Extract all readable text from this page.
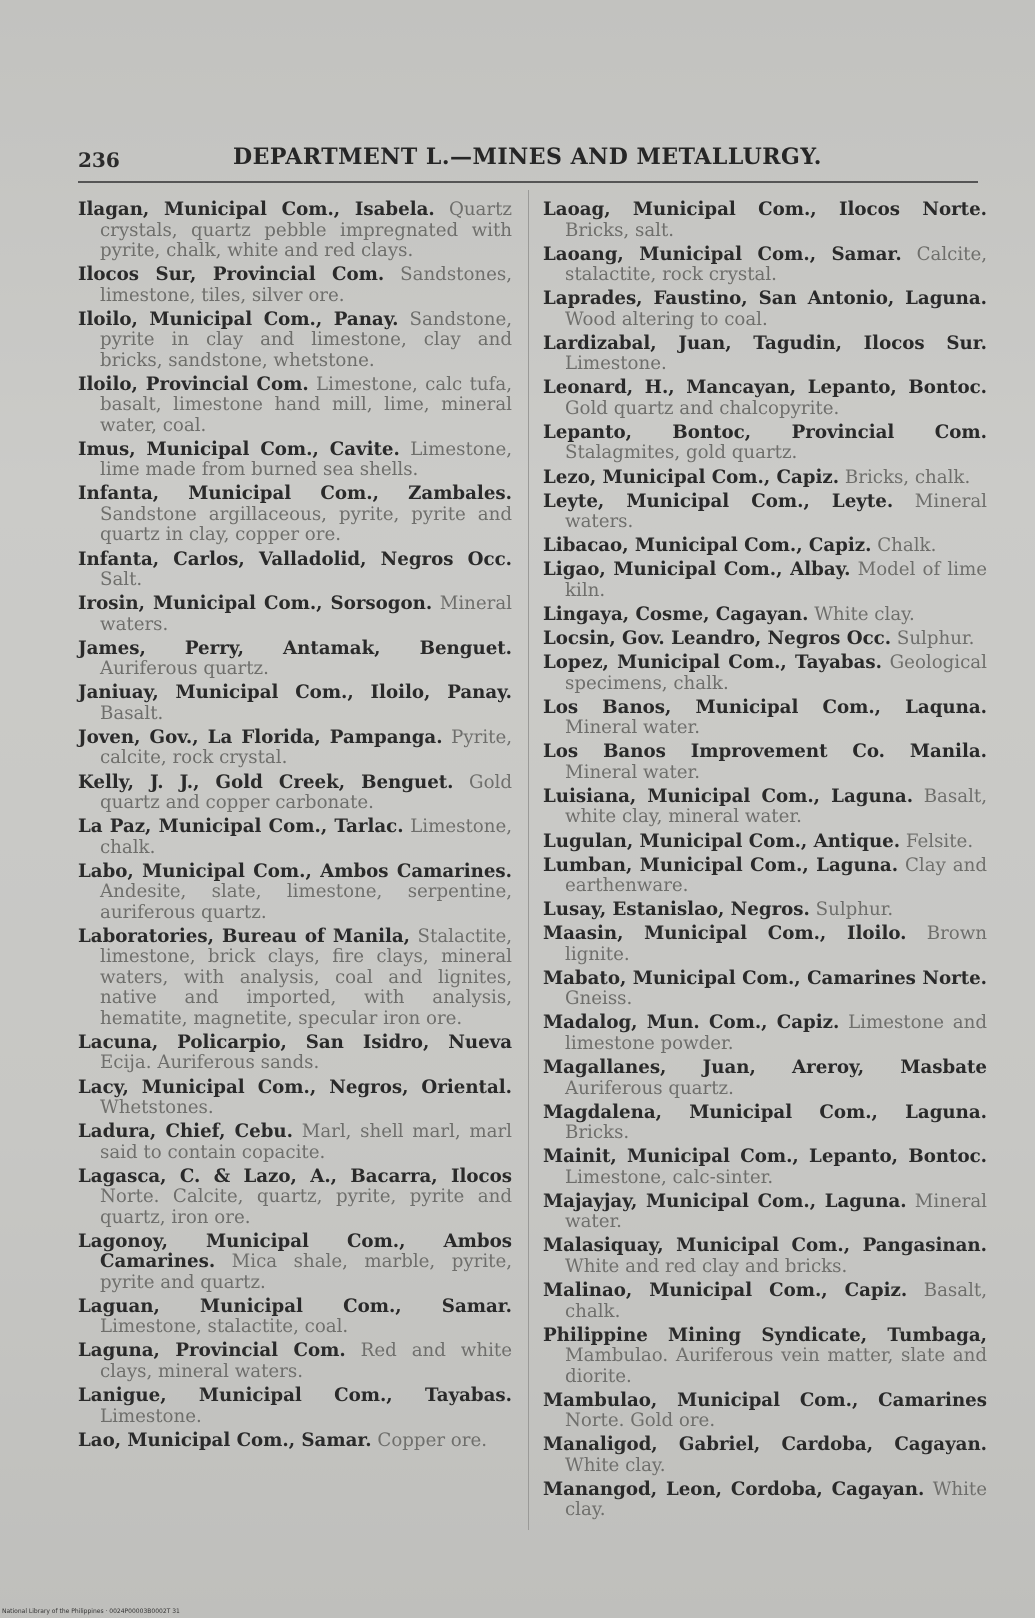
236	DEPARTMENT L.—MINES AND METALLURGY.

Ilagan, Municipal Com., Isabela. Quartz crystals, quartz pebble impregnated with pyrite, chalk, white and red clays.

Ilocos Sur, Provincial Com. Sandstones, limestone, tiles, silver ore.

Iloilo, Municipal Com., Panay. Sandstone, pyrite in clay and limestone, clay and bricks, sandstone, whetstone.

Iloilo, Provincial Com. Limestone, calc tufa, basalt, limestone hand mill, lime, mineral water, coal.

Imus, Municipal Com., Cavite. Limestone, lime made from burned sea shells.

Infanta, Municipal Com., Zambales. Sandstone argillaceous, pyrite, pyrite and quartz in clay, copper ore.

Infanta, Carlos, Valladolid, Negros Occ. Salt.

Irosin, Municipal Com., Sorsogon. Mineral waters.

James, Perry, Antamak, Benguet. Auriferous quartz.

Janiuay, Municipal Com., Iloilo, Panay. Basalt.

Joven, Gov., La Florida, Pampanga. Pyrite, calcite, rock crystal.

Kelly, J. J., Gold Creek, Benguet. Gold quartz and copper carbonate.

La Paz, Municipal Com., Tarlac. Limestone, chalk.

Labo, Municipal Com., Ambos Camarines. Andesite, slate, limestone, serpentine, auriferous quartz.

Laboratories, Bureau of Manila, Stalactite, limestone, brick clays, fire clays, mineral waters, with analysis, coal and lignites, native and imported, with analysis, hematite, magnetite, specular iron ore.

Lacuna, Policarpio, San Isidro, Nueva Ecija. Auriferous sands.

Lacy, Municipal Com., Negros, Oriental. Whetstones.

Ladura, Chief, Cebu. Marl, shell marl, marl said to contain copacite.

Lagasca, C. & Lazo, A., Bacarra, Ilocos Norte. Calcite, quartz, pyrite, pyrite and quartz, iron ore.

Lagonoy, Municipal Com., Ambos Camarines. Mica shale, marble, pyrite, pyrite and quartz.

Laguan, Municipal Com., Samar. Limestone, stalactite, coal.

Laguna, Provincial Com. Red and white clays, mineral waters.

Lanigue, Municipal Com., Tayabas. Limestone.

Lao, Municipal Com., Samar. Copper ore.

Laoag, Municipal Com., Ilocos Norte. Bricks, salt.

Laoang, Municipal Com., Samar. Calcite, stalactite, rock crystal.

Laprades, Faustino, San Antonio, Laguna. Wood altering to coal.

Lardizabal, Juan, Tagudin, Ilocos Sur. Limestone.

Leonard, H., Mancayan, Lepanto, Bontoc. Gold quartz and chalcopyrite.

Lepanto, Bontoc, Provincial Com. Stalagmites, gold quartz.

Lezo, Municipal Com., Capiz. Bricks, chalk.

Leyte, Municipal Com., Leyte. Mineral waters.

Libacao, Municipal Com., Capiz. Chalk.

Ligao, Municipal Com., Albay. Model of lime kiln.

Lingaya, Cosme, Cagayan. White clay.

Locsin, Gov. Leandro, Negros Occ. Sulphur.

Lopez, Municipal Com., Tayabas. Geological specimens, chalk.

Los Banos, Municipal Com., Laquna. Mineral water.

Los Banos Improvement Co. Manila. Mineral water.

Luisiana, Municipal Com., Laguna. Basalt, white clay, mineral water.

Lugulan, Municipal Com., Antique. Felsite.

Lumban, Municipal Com., Laguna. Clay and earthenware.

Lusay, Estanislao, Negros. Sulphur.

Maasin, Municipal Com., Iloilo. Brown lignite.

Mabato, Municipal Com., Camarines Norte. Gneiss.

Madalog, Mun. Com., Capiz. Limestone and limestone powder.

Magallanes, Juan, Areroy, Masbate Auriferous quartz.

Magdalena, Municipal Com., Laguna. Bricks.

Mainit, Municipal Com., Lepanto, Bontoc. Limestone, calc-sinter.

Majayjay, Municipal Com., Laguna. Mineral water.

Malasiquay, Municipal Com., Pangasinan. White and red clay and bricks.

Malinao, Municipal Com., Capiz. Basalt, chalk.

Philippine Mining Syndicate, Tumbaga, Mambulao. Auriferous vein matter, slate and diorite.

Mambulao, Municipal Com., Camarines Norte. Gold ore.

Manaligod, Gabriel, Cardoba, Cagayan. White clay.

Manangod, Leon, Cordoba, Cagayan. White clay.

National Library of the Philippines · 0024P00003B0002T 31
